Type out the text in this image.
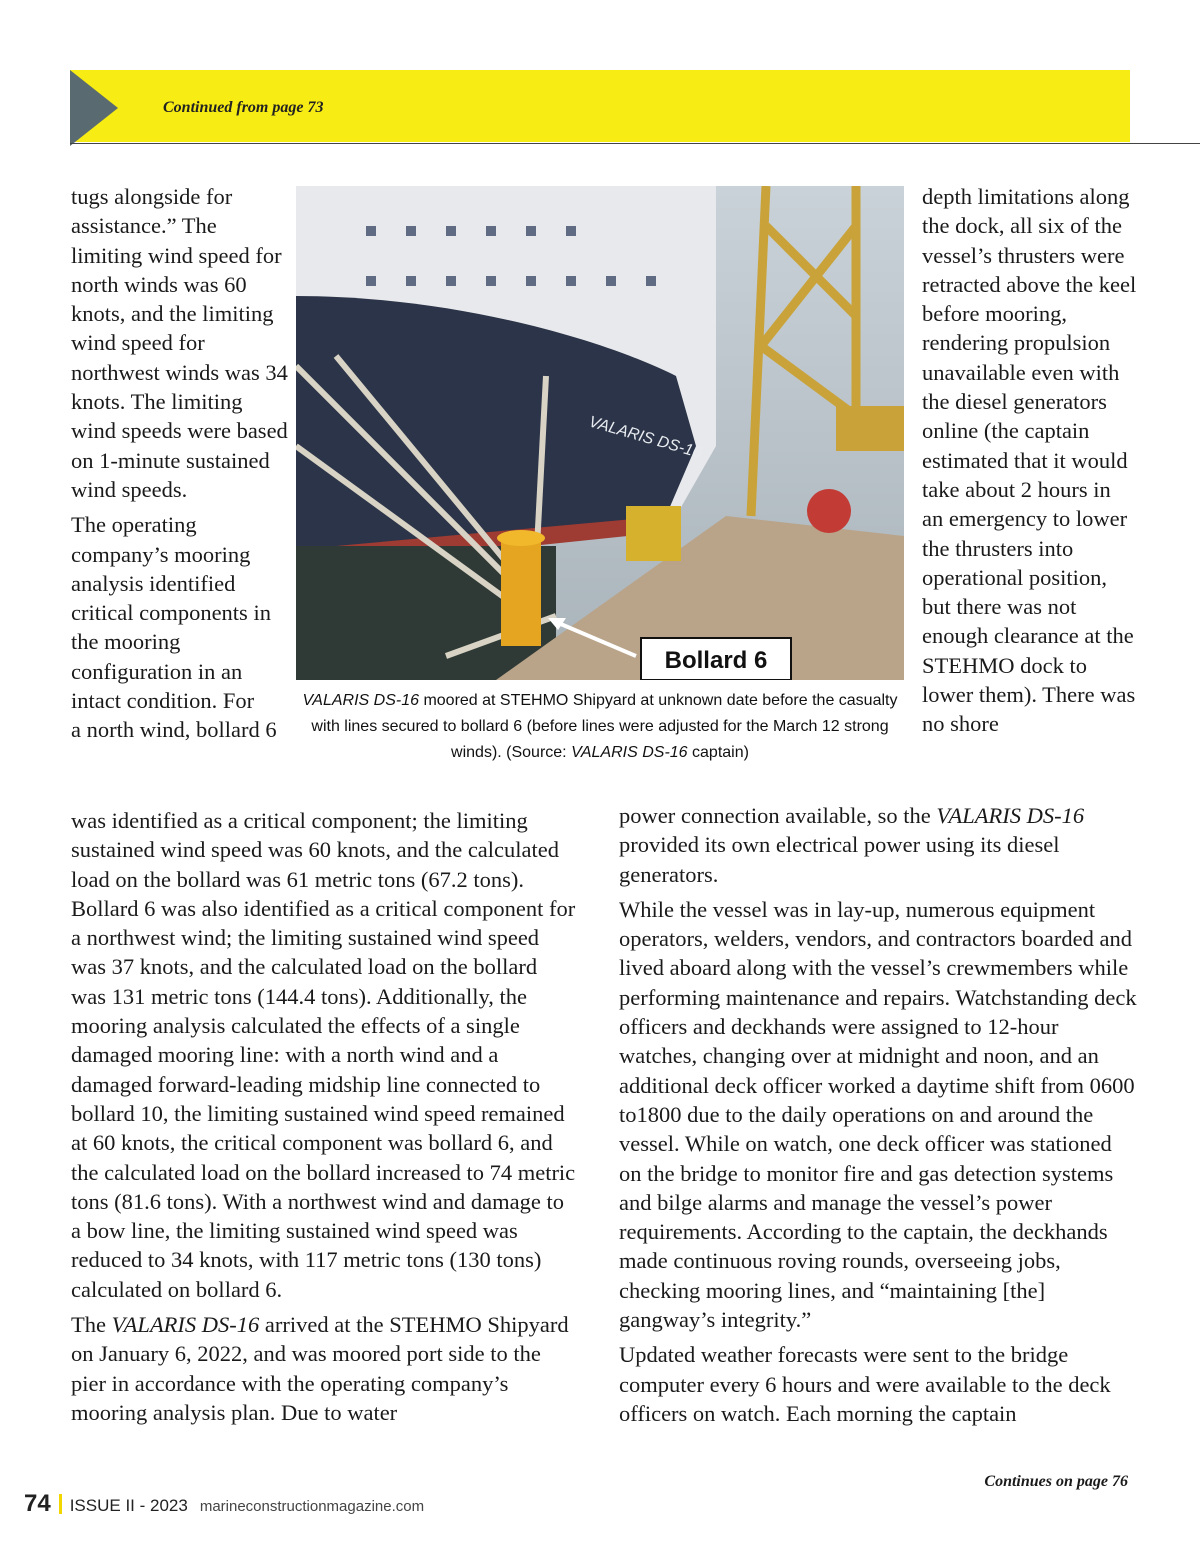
Continued from page 73
VALARIS DS-16
Bollard 6
VALARIS DS-16 moored at STEHMO Shipyard at unknown date before the casualty with lines secured to bollard 6 (before lines were adjusted for the March 12 strong winds). (Source: VALARIS DS-16 captain)

tugs alongside for assistance.” The limiting wind speed for north winds was 60 knots, and the limiting wind speed for northwest winds was 34 knots. The limiting wind speeds were based on 1-minute sustained wind speeds.

The operating company’s mooring analysis identified critical components in the mooring configuration in an intact condition. For
a north wind, bollard 6

was identified as a critical component; the limiting sustained wind speed was 60 knots, and the calculated load on the bollard was 61 metric tons (67.2 tons). Bollard 6 was also identified as a critical component for a northwest wind; the limiting sustained wind speed was 37 knots, and the calculated load on the bollard was 131 metric tons (144.4 tons). Additionally, the mooring analysis calculated the effects of a single damaged mooring line: with a north wind and a damaged forward-leading midship line connected to bollard 10, the limiting sustained wind speed remained at 60 knots, the critical component was bollard 6, and the calculated load on the bollard increased to 74 metric tons (81.6 tons). With a northwest wind and damage to a bow line, the limiting sustained wind speed was reduced to 34 knots, with 117 metric tons (130 tons) calculated on bollard 6.

The VALARIS DS-16 arrived at the STEHMO Shipyard on January 6, 2022, and was moored port side to the pier in accordance with the operating company’s mooring analysis plan. Due to water

depth limitations along the dock, all six of the vessel’s thrusters were retracted above the keel before mooring, rendering propulsion unavailable even with the diesel generators online (the captain estimated that it would take about 2 hours in an emergency to lower the thrusters into operational position, but there was not enough clearance at the STEHMO dock to lower them). There was no shore

power connection available, so the VALARIS DS-16 provided its own electrical power using its diesel generators.

While the vessel was in lay-up, numerous equipment operators, welders, vendors, and contractors boarded and lived aboard along with the vessel’s crewmembers while performing maintenance and repairs. Watchstanding deck officers and deckhands were assigned to 12-hour watches, changing over at midnight and noon, and an additional deck officer worked a daytime shift from 0600 to1800 due to the daily operations on and around the vessel. While on watch, one deck officer was stationed on the bridge to monitor fire and gas detection systems and bilge alarms and manage the vessel’s power requirements. According to the captain, the deckhands made continuous roving rounds, overseeing jobs, checking mooring lines, and “maintaining [the] gangway’s integrity.”

Updated weather forecasts were sent to the bridge computer every 6 hours and were available to the deck officers on watch. Each morning the captain

Continues on page 76
74 ISSUE II - 2023 marineconstructionmagazine.com
